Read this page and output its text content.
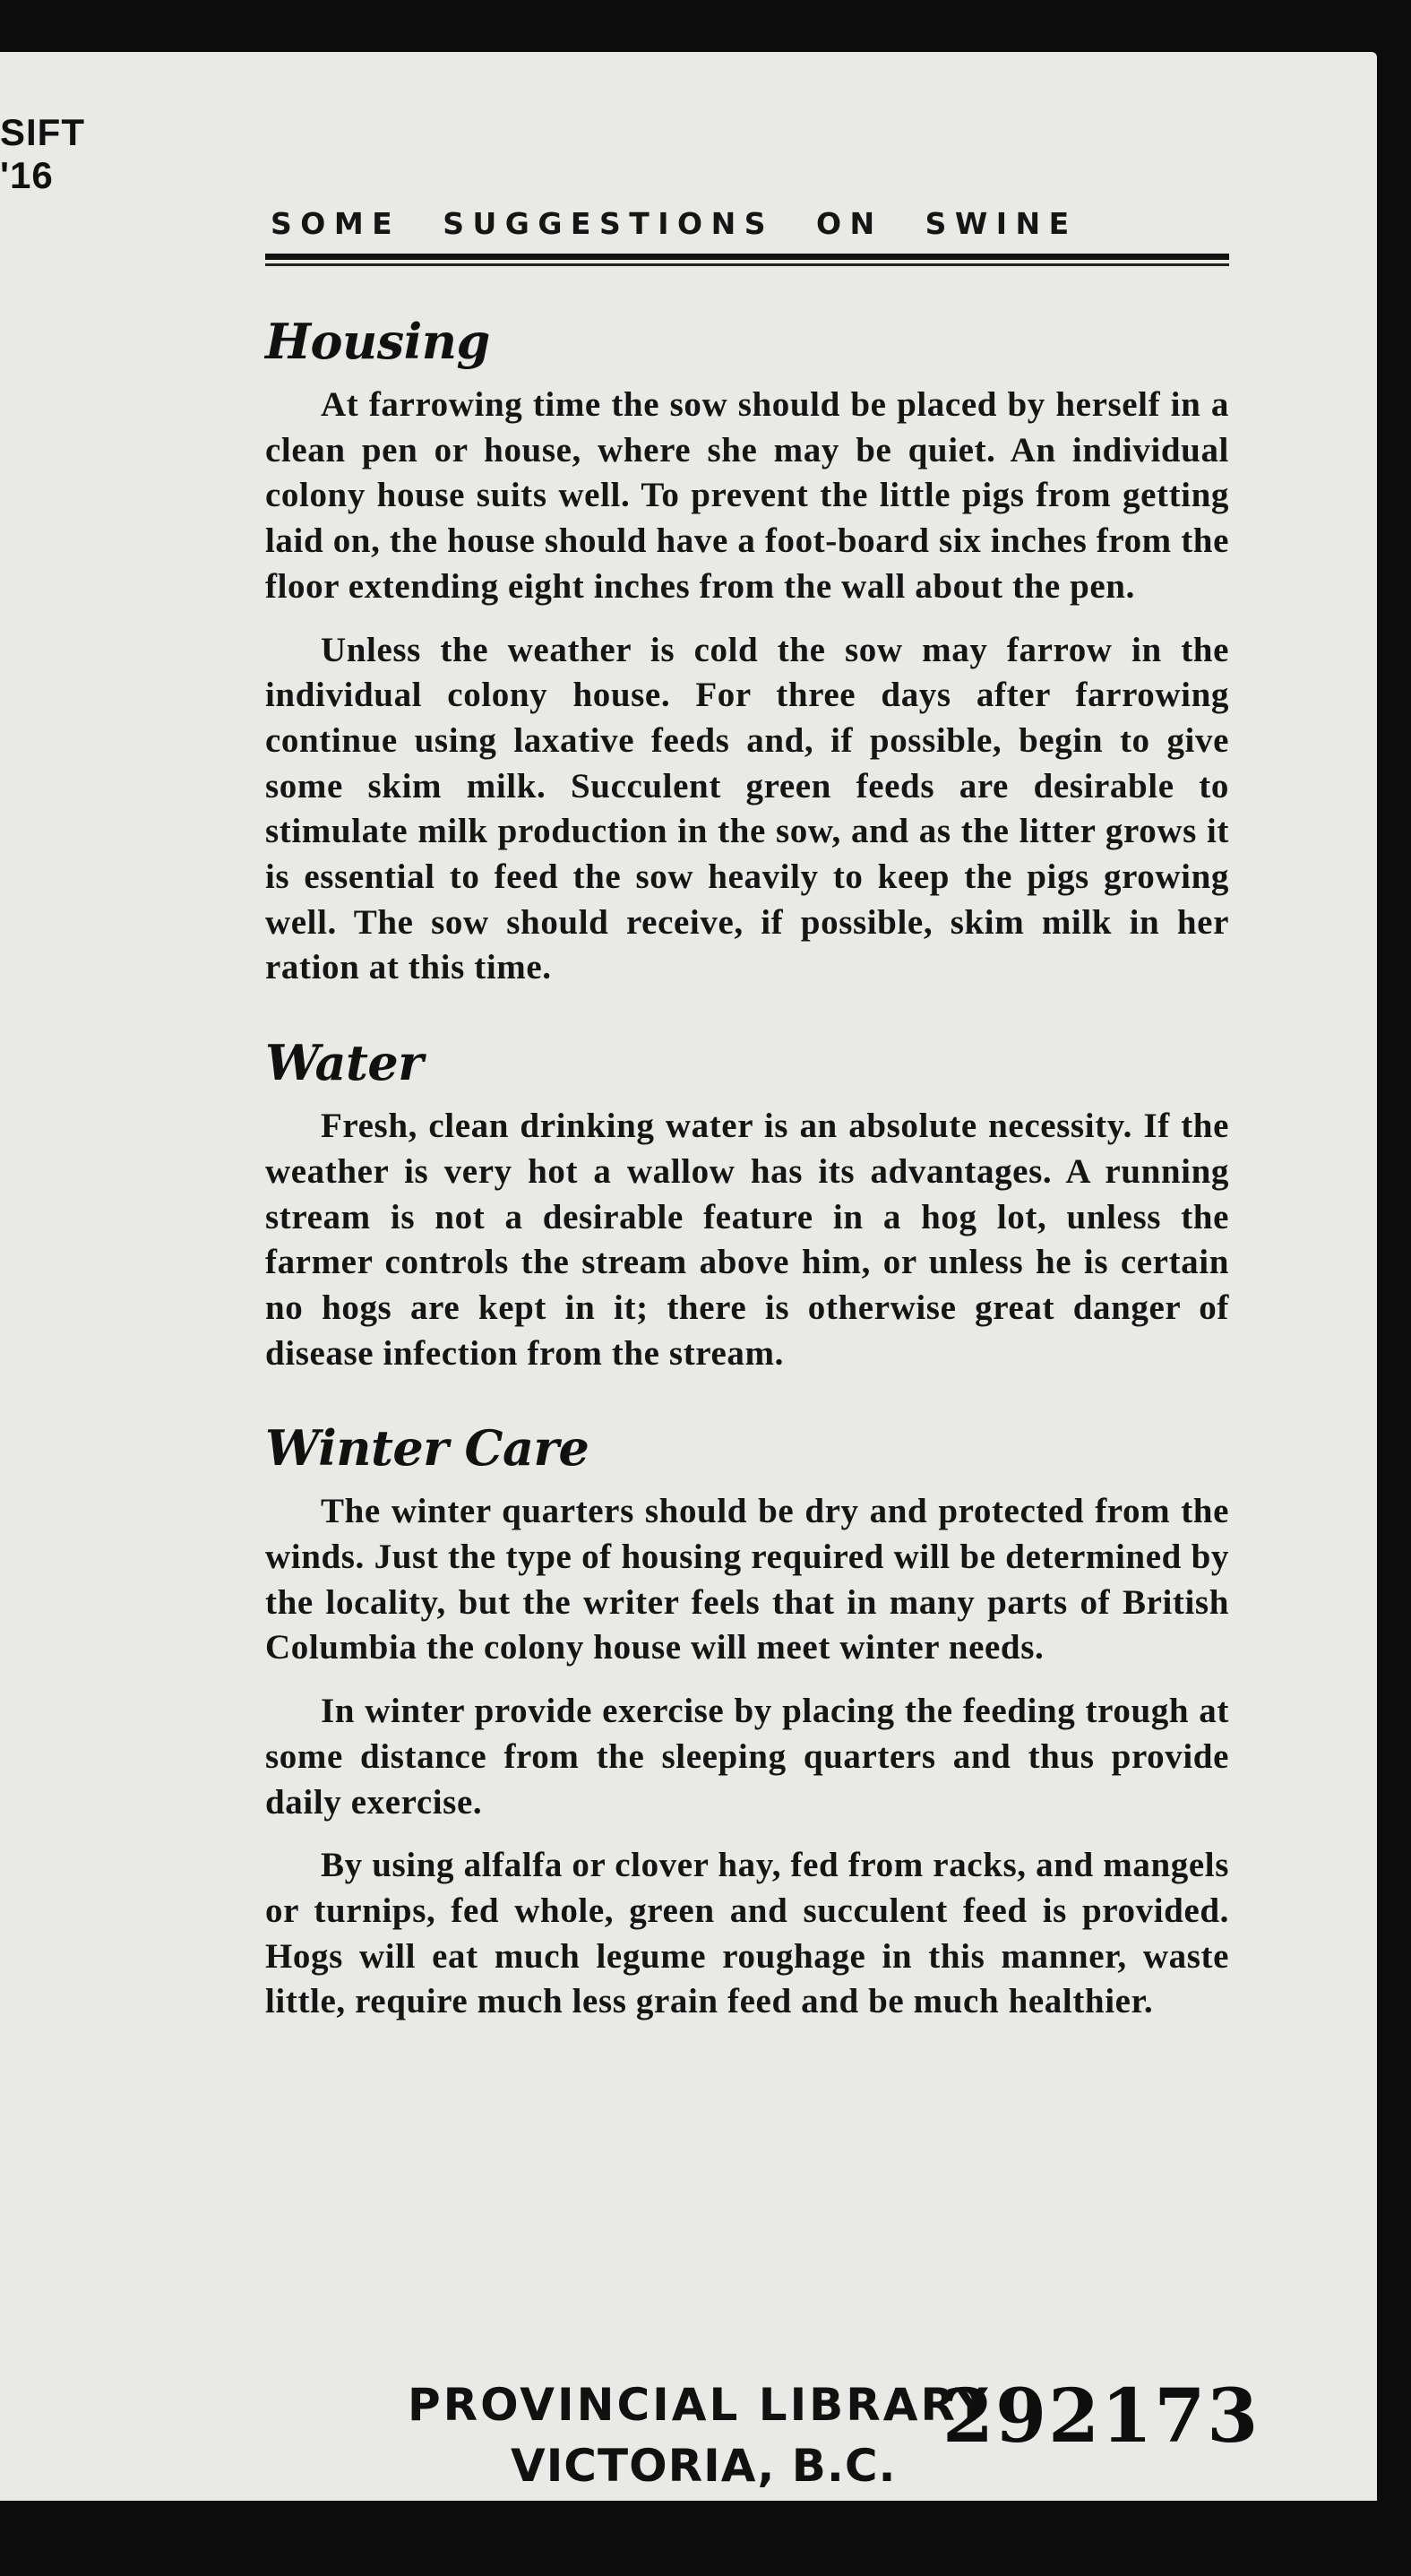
SIFT
'16
SOME SUGGESTIONS ON SWINE
Housing

At farrowing time the sow should be placed by herself in a clean pen or house, where she may be quiet. An individual colony house suits well. To prevent the little pigs from getting laid on, the house should have a foot-board six inches from the floor extending eight inches from the wall about the pen.

Unless the weather is cold the sow may farrow in the individual colony house. For three days after farrowing continue using laxative feeds and, if possible, begin to give some skim milk. Succulent green feeds are desirable to stimulate milk production in the sow, and as the litter grows it is essential to feed the sow heavily to keep the pigs growing well. The sow should receive, if possible, skim milk in her ration at this time.

Water

Fresh, clean drinking water is an absolute necessity. If the weather is very hot a wallow has its advantages. A running stream is not a desirable feature in a hog lot, unless the farmer controls the stream above him, or unless he is certain no hogs are kept in it; there is otherwise great danger of disease infection from the stream.

Winter Care

The winter quarters should be dry and protected from the winds. Just the type of housing required will be determined by the locality, but the writer feels that in many parts of British Columbia the colony house will meet winter needs.

In winter provide exercise by placing the feeding trough at some distance from the sleeping quarters and thus provide daily exercise.

By using alfalfa or clover hay, fed from racks, and mangels or turnips, fed whole, green and succulent feed is provided. Hogs will eat much legume roughage in this manner, waste little, require much less grain feed and be much healthier.

PROVINCIAL LIBRARY
VICTORIA, B.C.
292173
